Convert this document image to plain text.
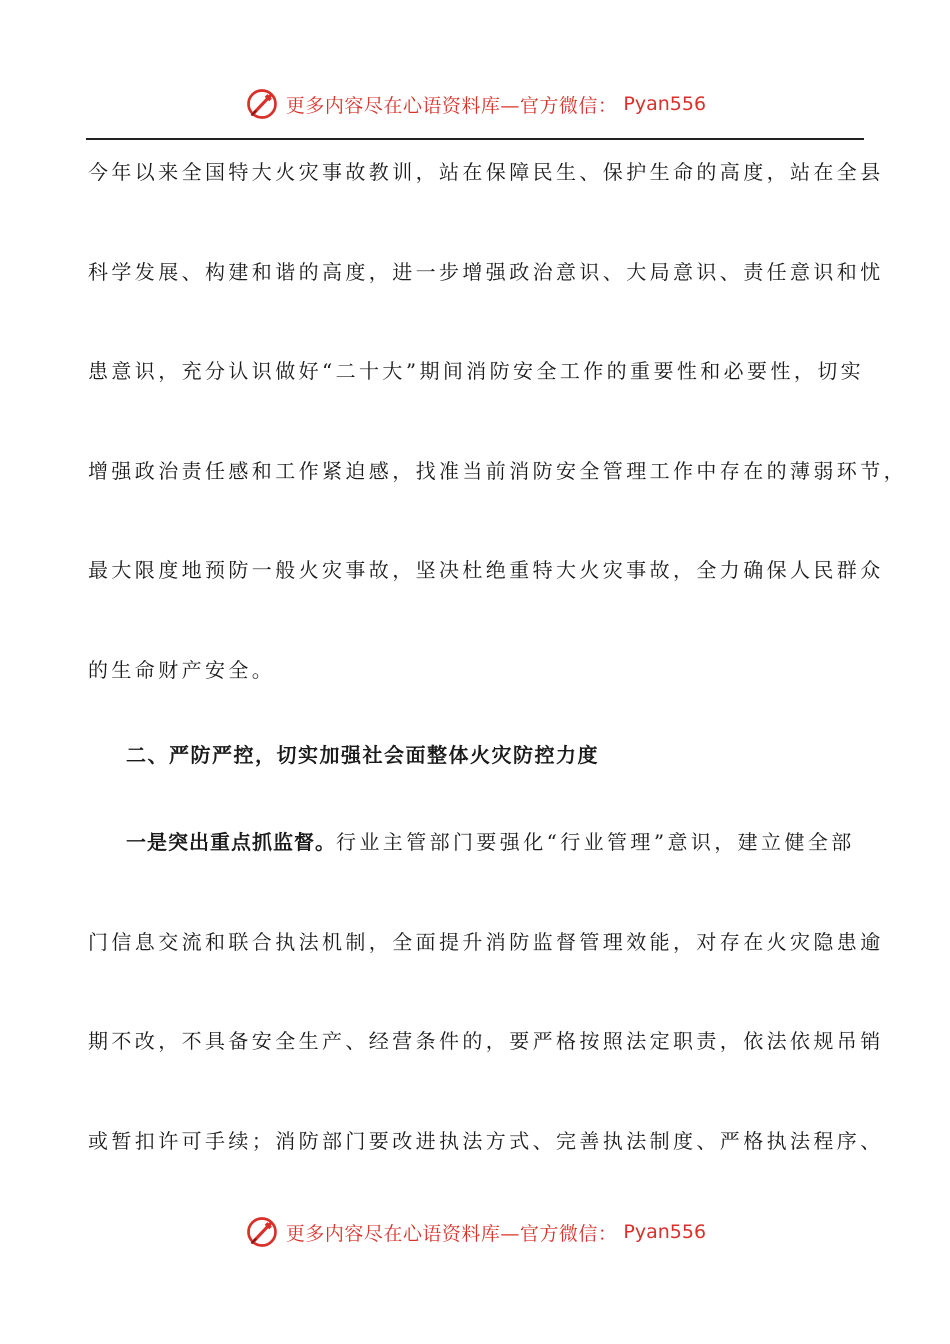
更多内容尽在心语资料库—官方微信： Pyan556
今年以来全国特大火灾事故教训，站在保障民生、保护生命的高度，站在全县
科学发展、构建和谐的高度，进一步增强政治意识、大局意识、责任意识和忧
患意识，充分认识做好“二十大”期间消防安全工作的重要性和必要性，切实
增强政治责任感和工作紧迫感，找准当前消防安全管理工作中存在的薄弱环节，
最大限度地预防一般火灾事故，坚决杜绝重特大火灾事故，全力确保人民群众
的生命财产安全。
二、严防严控，切实加强社会面整体火灾防控力度
一是突出重点抓监督。行业主管部门要强化“行业管理”意识，建立健全部
门信息交流和联合执法机制，全面提升消防监督管理效能，对存在火灾隐患逾
期不改，不具备安全生产、经营条件的，要严格按照法定职责，依法依规吊销
或暂扣许可手续；消防部门要改进执法方式、完善执法制度、严格执法程序、
更多内容尽在心语资料库—官方微信： Pyan556
